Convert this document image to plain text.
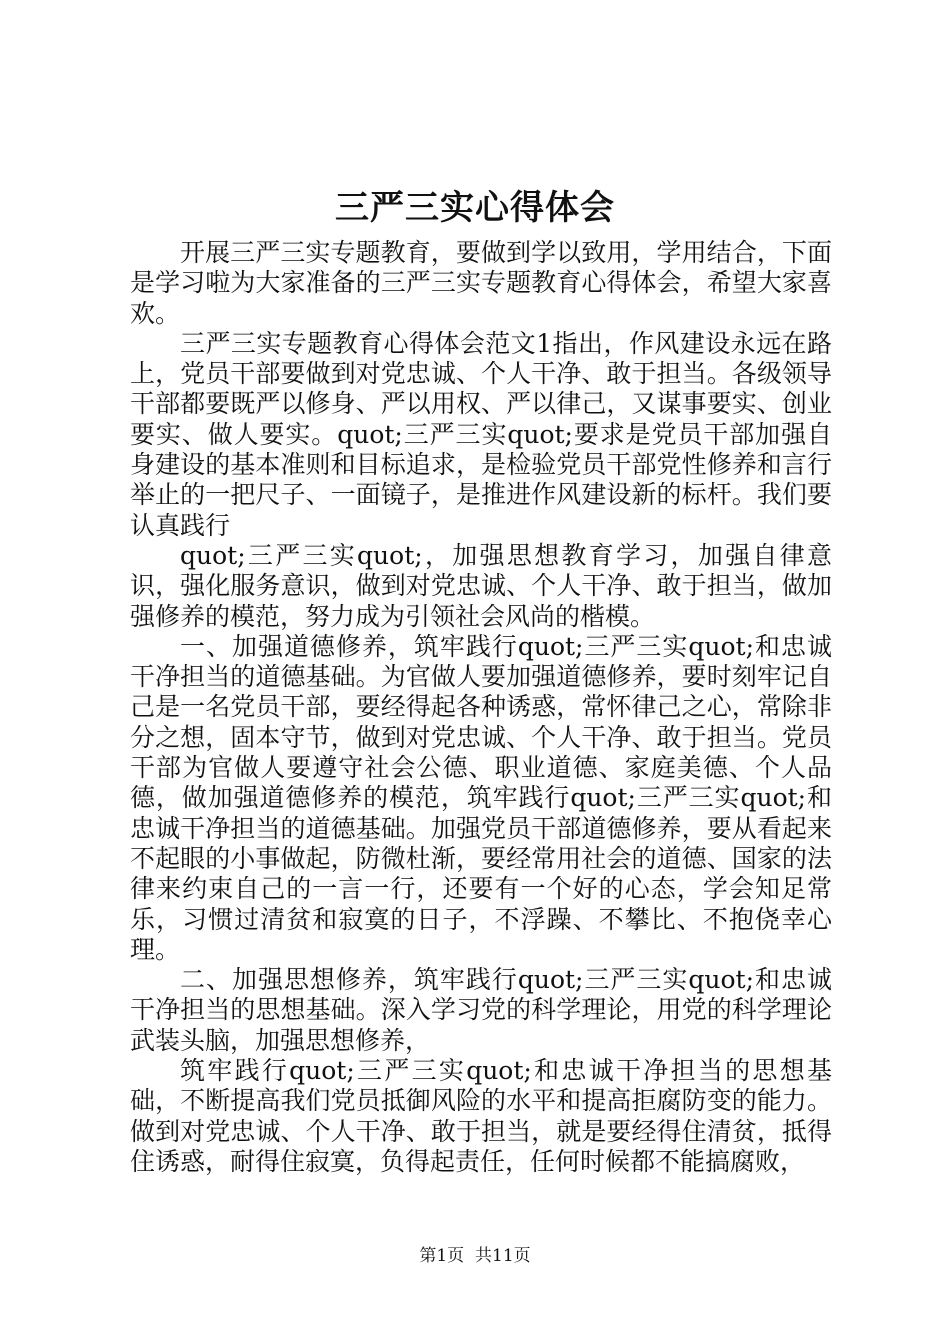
三严三实心得体会

开展三严三实专题教育，要做到学以致用，学用结合，下面是学习啦为大家准备的三严三实专题教育心得体会，希望大家喜欢。

三严三实专题教育心得体会范文1指出，作风建设永远在路上，党员干部要做到对党忠诚、个人干净、敢于担当。各级领导干部都要既严以修身、严以用权、严以律己，又谋事要实、创业要实、做人要实。quot;三严三实quot;要求是党员干部加强自身建设的基本准则和目标追求，是检验党员干部党性修养和言行举止的一把尺子、一面镜子，是推进作风建设新的标杆。我们要认真践行

quot;三严三实quot;，加强思想教育学习，加强自律意识，强化服务意识，做到对党忠诚、个人干净、敢于担当，做加强修养的模范，努力成为引领社会风尚的楷模。

一、加强道德修养，筑牢践行quot;三严三实quot;和忠诚干净担当的道德基础。为官做人要加强道德修养，要时刻牢记自己是一名党员干部，要经得起各种诱惑，常怀律己之心，常除非分之想，固本守节，做到对党忠诚、个人干净、敢于担当。党员干部为官做人要遵守社会公德、职业道德、家庭美德、个人品德，做加强道德修养的模范，筑牢践行quot;三严三实quot;和忠诚干净担当的道德基础。加强党员干部道德修养，要从看起来不起眼的小事做起，防微杜渐，要经常用社会的道德、国家的法律来约束自己的一言一行，还要有一个好的心态，学会知足常乐，习惯过清贫和寂寞的日子，不浮躁、不攀比、不抱侥幸心理。

二、加强思想修养，筑牢践行quot;三严三实quot;和忠诚干净担当的思想基础。深入学习党的科学理论，用党的科学理论武装头脑，加强思想修养，

筑牢践行quot;三严三实quot;和忠诚干净担当的思想基础，不断提高我们党员抵御风险的水平和提高拒腐防变的能力。做到对党忠诚、个人干净、敢于担当，就是要经得住清贫，抵得住诱惑，耐得住寂寞，负得起责任，任何时候都不能搞腐败，

第1页 共11页
